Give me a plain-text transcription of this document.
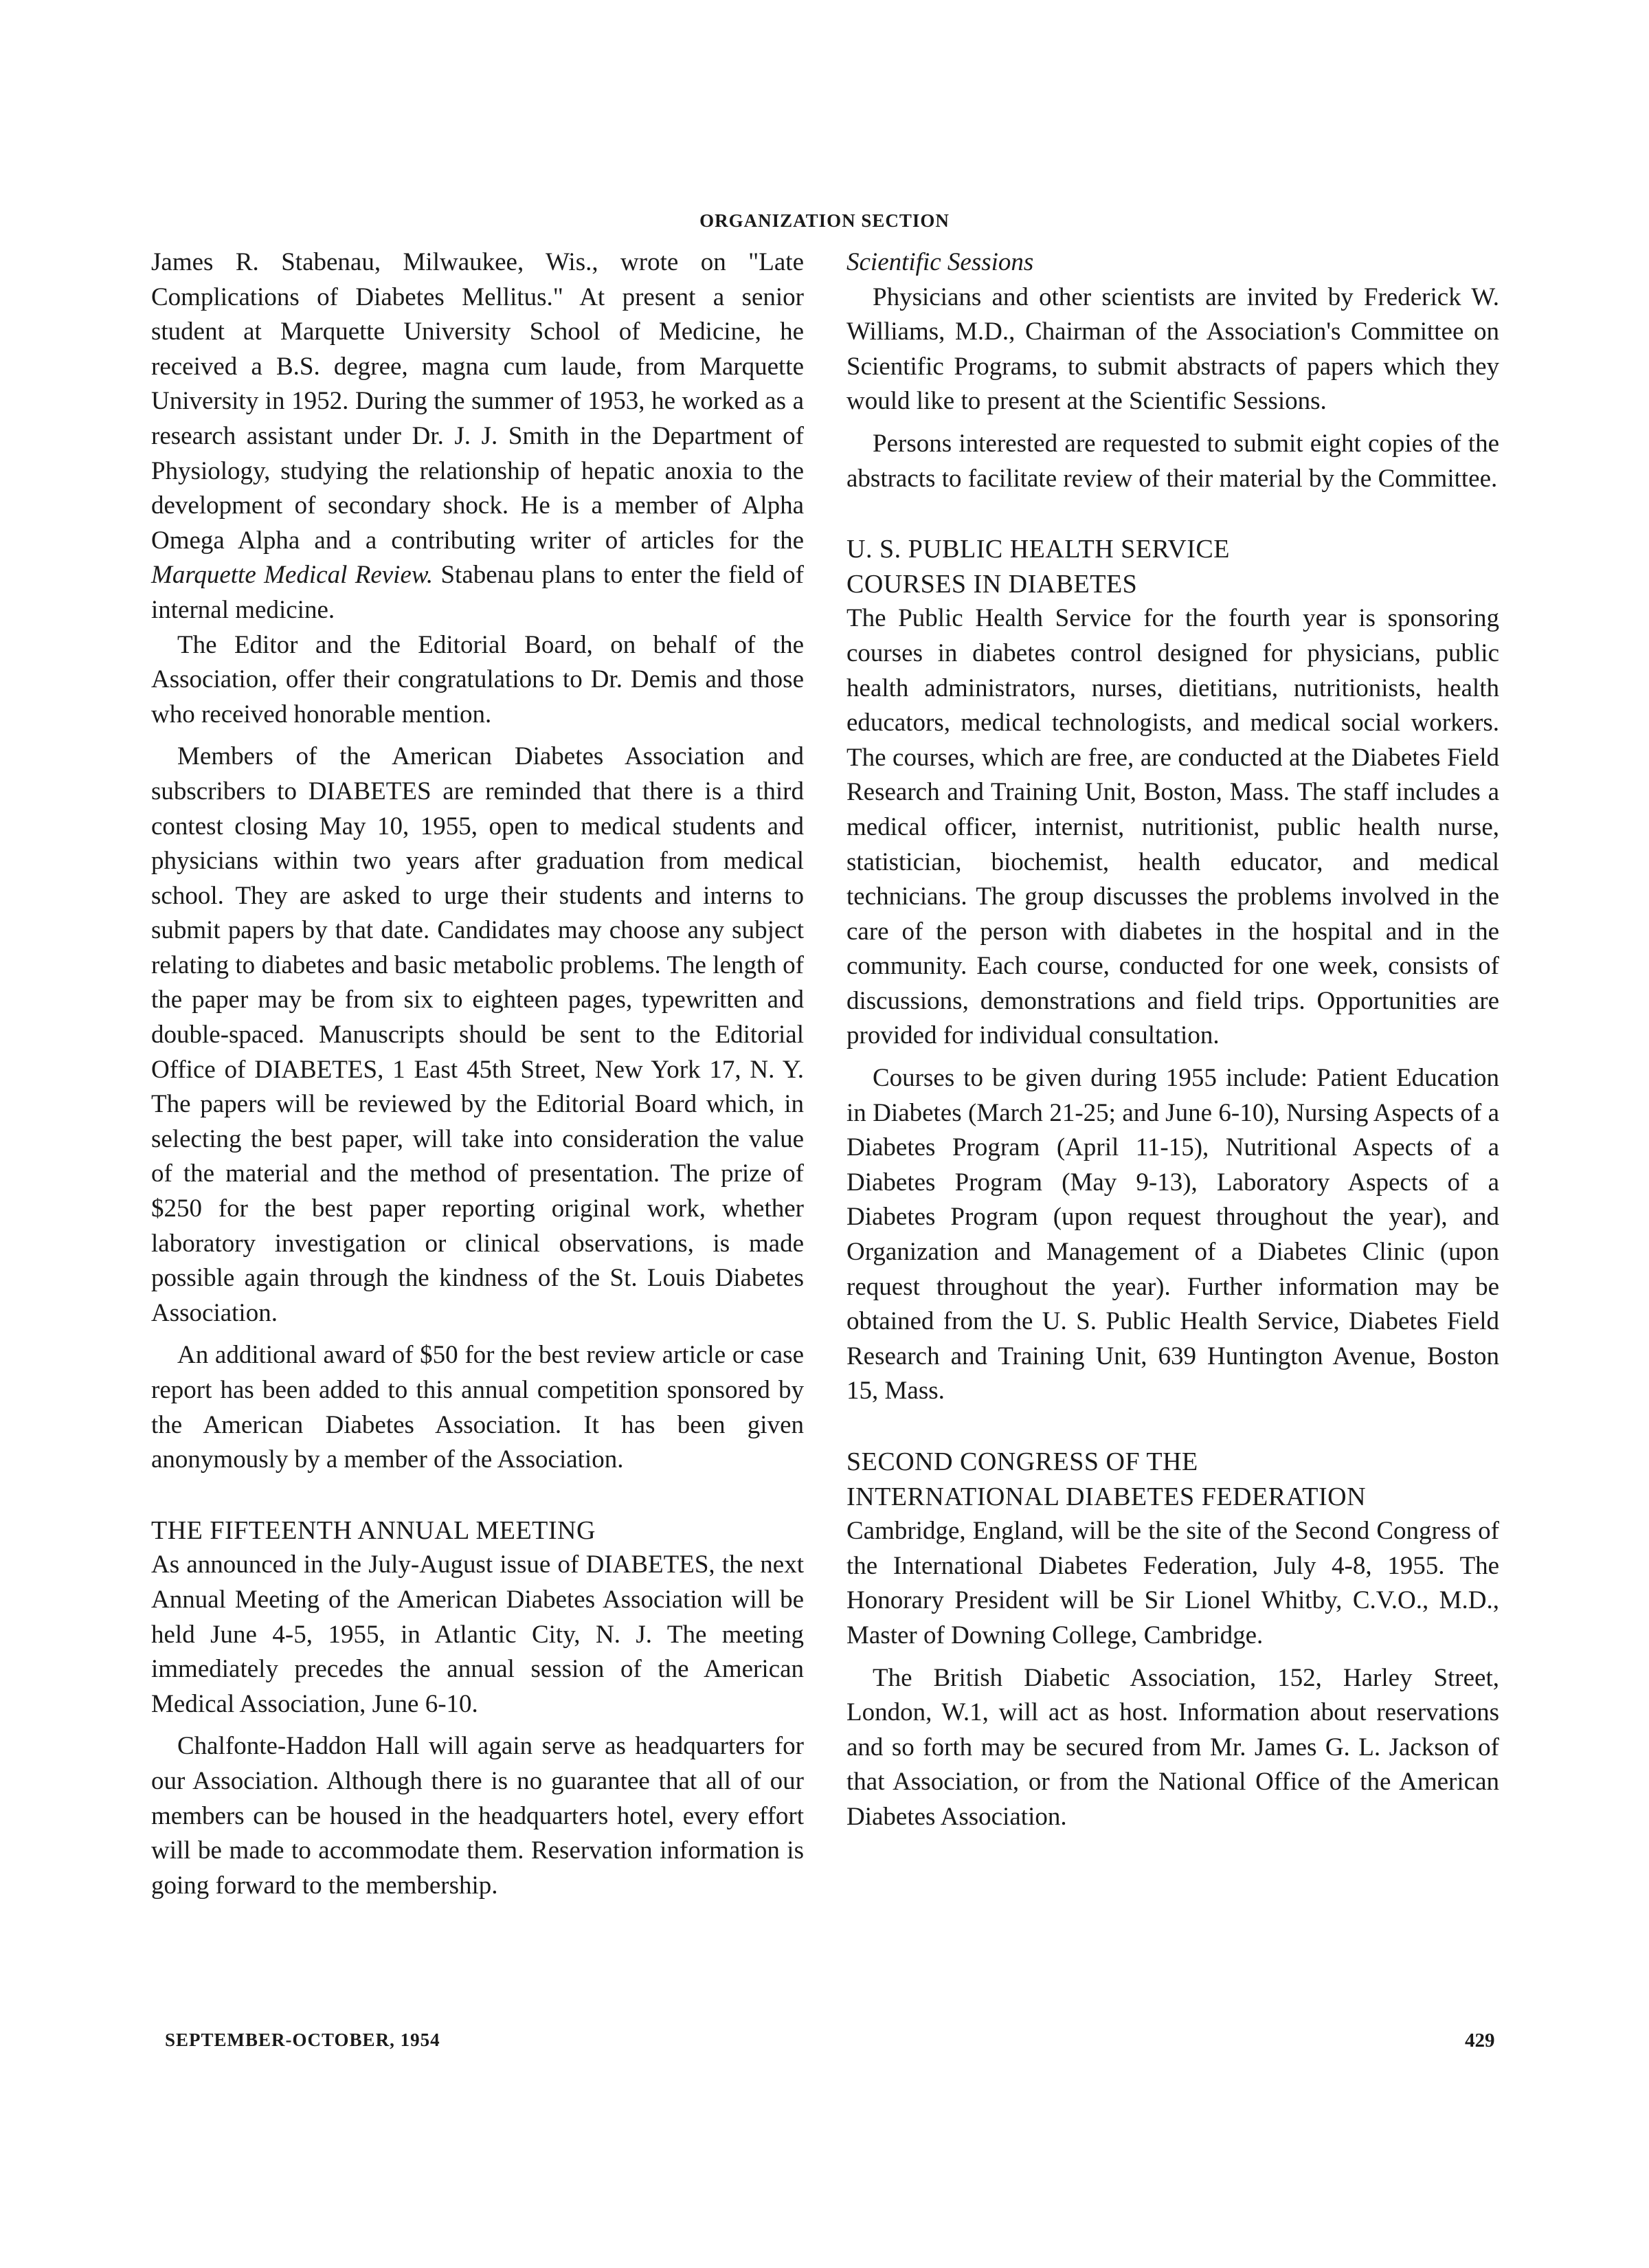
ORGANIZATION SECTION

James R. Stabenau, Milwaukee, Wis., wrote on "Late Complications of Diabetes Mellitus." At present a senior student at Marquette University School of Medicine, he received a B.S. degree, magna cum laude, from Marquette University in 1952. During the summer of 1953, he worked as a research assistant under Dr. J. J. Smith in the Department of Physiology, studying the relationship of hepatic anoxia to the development of secondary shock. He is a member of Alpha Omega Alpha and a contributing writer of articles for the Marquette Medical Review. Stabenau plans to enter the field of internal medicine.

The Editor and the Editorial Board, on behalf of the Association, offer their congratulations to Dr. Demis and those who received honorable mention.

Members of the American Diabetes Association and subscribers to DIABETES are reminded that there is a third contest closing May 10, 1955, open to medical students and physicians within two years after graduation from medical school. They are asked to urge their students and interns to submit papers by that date. Candidates may choose any subject relating to diabetes and basic metabolic problems. The length of the paper may be from six to eighteen pages, typewritten and double-spaced. Manuscripts should be sent to the Editorial Office of DIABETES, 1 East 45th Street, New York 17, N. Y. The papers will be reviewed by the Editorial Board which, in selecting the best paper, will take into consideration the value of the material and the method of presentation. The prize of $250 for the best paper reporting original work, whether laboratory investigation or clinical observations, is made possible again through the kindness of the St. Louis Diabetes Association.

An additional award of $50 for the best review article or case report has been added to this annual competition sponsored by the American Diabetes Association. It has been given anonymously by a member of the Association.

THE FIFTEENTH ANNUAL MEETING

As announced in the July-August issue of DIABETES, the next Annual Meeting of the American Diabetes Association will be held June 4-5, 1955, in Atlantic City, N. J. The meeting immediately precedes the annual session of the American Medical Association, June 6-10.

Chalfonte-Haddon Hall will again serve as headquarters for our Association. Although there is no guarantee that all of our members can be housed in the headquarters hotel, every effort will be made to accommodate them. Reservation information is going forward to the membership.

Scientific Sessions

Physicians and other scientists are invited by Frederick W. Williams, M.D., Chairman of the Association's Committee on Scientific Programs, to submit abstracts of papers which they would like to present at the Scientific Sessions.

Persons interested are requested to submit eight copies of the abstracts to facilitate review of their material by the Committee.

U. S. PUBLIC HEALTH SERVICE
COURSES IN DIABETES

The Public Health Service for the fourth year is sponsoring courses in diabetes control designed for physicians, public health administrators, nurses, dietitians, nutritionists, health educators, medical technologists, and medical social workers. The courses, which are free, are conducted at the Diabetes Field Research and Training Unit, Boston, Mass. The staff includes a medical officer, internist, nutritionist, public health nurse, statistician, biochemist, health educator, and medical technicians. The group discusses the problems involved in the care of the person with diabetes in the hospital and in the community. Each course, conducted for one week, consists of discussions, demonstrations and field trips. Opportunities are provided for individual consultation.

Courses to be given during 1955 include: Patient Education in Diabetes (March 21-25; and June 6-10), Nursing Aspects of a Diabetes Program (April 11-15), Nutritional Aspects of a Diabetes Program (May 9-13), Laboratory Aspects of a Diabetes Program (upon request throughout the year), and Organization and Management of a Diabetes Clinic (upon request throughout the year). Further information may be obtained from the U. S. Public Health Service, Diabetes Field Research and Training Unit, 639 Huntington Avenue, Boston 15, Mass.

SECOND CONGRESS OF THE
INTERNATIONAL DIABETES FEDERATION

Cambridge, England, will be the site of the Second Congress of the International Diabetes Federation, July 4-8, 1955. The Honorary President will be Sir Lionel Whitby, C.V.O., M.D., Master of Downing College, Cambridge.

The British Diabetic Association, 152, Harley Street, London, W.1, will act as host. Information about reservations and so forth may be secured from Mr. James G. L. Jackson of that Association, or from the National Office of the American Diabetes Association.

SEPTEMBER-OCTOBER, 1954	429
